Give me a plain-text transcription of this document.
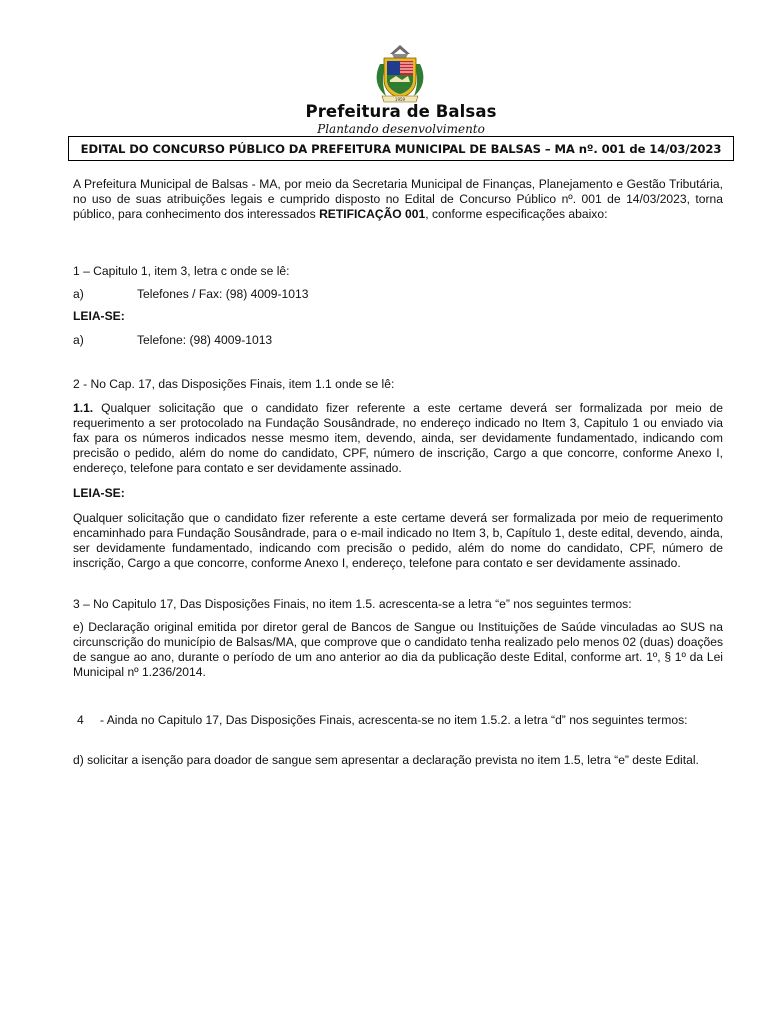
1959
Prefeitura de Balsas
Plantando desenvolvimento
EDITAL DO CONCURSO PÚBLICO DA PREFEITURA MUNICIPAL DE BALSAS – MA nº. 001 de 14/03/2023
A Prefeitura Municipal de Balsas - MA, por meio da Secretaria Municipal de Finanças, Planejamento e Gestão Tributária, no uso de suas atribuições legais e cumprido disposto no Edital de Concurso Público nº. 001 de 14/03/2023, torna público, para conhecimento dos interessados RETIFICAÇÃO 001, conforme especificações abaixo:
1 – Capitulo 1, item 3, letra c onde se lê:
a)	Telefones / Fax: (98) 4009-1013
LEIA-SE:
a)	Telefone: (98) 4009-1013
2 - No Cap. 17, das Disposições Finais, item 1.1 onde se lê:
1.1. Qualquer solicitação que o candidato fizer referente a este certame deverá ser formalizada por meio de requerimento a ser protocolado na Fundação Sousândrade, no endereço indicado no Item 3, Capitulo 1 ou enviado via fax para os números indicados nesse mesmo item, devendo, ainda, ser devidamente fundamentado, indicando com precisão o pedido, além do nome do candidato, CPF, número de inscrição, Cargo a que concorre, conforme Anexo I, endereço, telefone para contato e ser devidamente assinado.
LEIA-SE:
Qualquer solicitação que o candidato fizer referente a este certame deverá ser formalizada por meio de requerimento encaminhado para Fundação Sousândrade, para o e-mail indicado no Item 3, b, Capítulo 1, deste edital, devendo, ainda, ser devidamente fundamentado, indicando com precisão o pedido, além do nome do candidato, CPF, número de inscrição, Cargo a que concorre, conforme Anexo I, endereço, telefone para contato e ser devidamente assinado.
3 – No Capitulo 17, Das Disposições Finais, no item 1.5. acrescenta-se a letra “e” nos seguintes termos:
e) Declaração original emitida por diretor geral de Bancos de Sangue ou Instituições de Saúde vinculadas ao SUS na circunscrição do município de Balsas/MA, que comprove que o candidato tenha realizado pelo menos 02 (duas) doações de sangue ao ano, durante o período de um ano anterior ao dia da publicação deste Edital, conforme art. 1º, § 1º da Lei Municipal nº 1.236/2014.
4 - Ainda no Capitulo 17, Das Disposições Finais, acrescenta-se no item 1.5.2. a letra “d” nos seguintes termos:
d) solicitar a isenção para doador de sangue sem apresentar a declaração prevista no item 1.5, letra “e” deste Edital.
